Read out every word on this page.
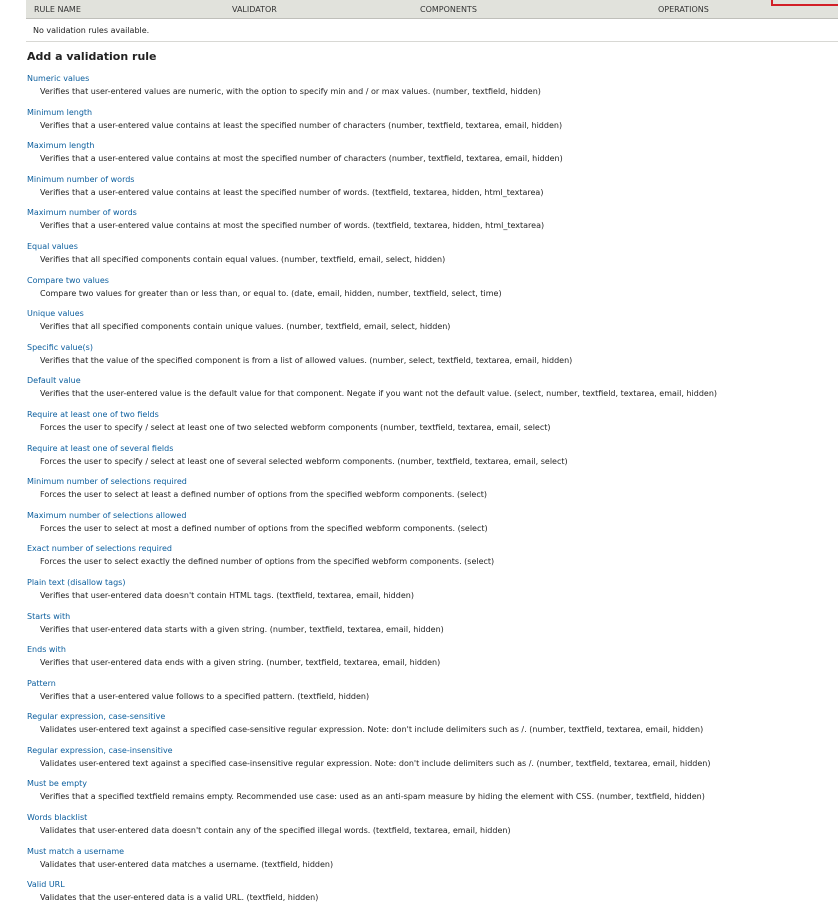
RULE NAME	VALIDATOR	COMPONENTS	OPERATIONS
No validation rules available.
Add a validation rule
Numeric values
Verifies that user-entered values are numeric, with the option to specify min and / or max values. (number, textfield, hidden)
Minimum length
Verifies that a user-entered value contains at least the specified number of characters (number, textfield, textarea, email, hidden)
Maximum length
Verifies that a user-entered value contains at most the specified number of characters (number, textfield, textarea, email, hidden)
Minimum number of words
Verifies that a user-entered value contains at least the specified number of words. (textfield, textarea, hidden, html_textarea)
Maximum number of words
Verifies that a user-entered value contains at most the specified number of words. (textfield, textarea, hidden, html_textarea)
Equal values
Verifies that all specified components contain equal values. (number, textfield, email, select, hidden)
Compare two values
Compare two values for greater than or less than, or equal to. (date, email, hidden, number, textfield, select, time)
Unique values
Verifies that all specified components contain unique values. (number, textfield, email, select, hidden)
Specific value(s)
Verifies that the value of the specified component is from a list of allowed values. (number, select, textfield, textarea, email, hidden)
Default value
Verifies that the user-entered value is the default value for that component. Negate if you want not the default value. (select, number, textfield, textarea, email, hidden)
Require at least one of two fields
Forces the user to specify / select at least one of two selected webform components (number, textfield, textarea, email, select)
Require at least one of several fields
Forces the user to specify / select at least one of several selected webform components. (number, textfield, textarea, email, select)
Minimum number of selections required
Forces the user to select at least a defined number of options from the specified webform components. (select)
Maximum number of selections allowed
Forces the user to select at most a defined number of options from the specified webform components. (select)
Exact number of selections required
Forces the user to select exactly the defined number of options from the specified webform components. (select)
Plain text (disallow tags)
Verifies that user-entered data doesn't contain HTML tags. (textfield, textarea, email, hidden)
Starts with
Verifies that user-entered data starts with a given string. (number, textfield, textarea, email, hidden)
Ends with
Verifies that user-entered data ends with a given string. (number, textfield, textarea, email, hidden)
Pattern
Verifies that a user-entered value follows to a specified pattern. (textfield, hidden)
Regular expression, case-sensitive
Validates user-entered text against a specified case-sensitive regular expression. Note: don't include delimiters such as /. (number, textfield, textarea, email, hidden)
Regular expression, case-insensitive
Validates user-entered text against a specified case-insensitive regular expression. Note: don't include delimiters such as /. (number, textfield, textarea, email, hidden)
Must be empty
Verifies that a specified textfield remains empty. Recommended use case: used as an anti-spam measure by hiding the element with CSS. (number, textfield, hidden)
Words blacklist
Validates that user-entered data doesn't contain any of the specified illegal words. (textfield, textarea, email, hidden)
Must match a username
Validates that user-entered data matches a username. (textfield, hidden)
Valid URL
Validates that the user-entered data is a valid URL. (textfield, hidden)
